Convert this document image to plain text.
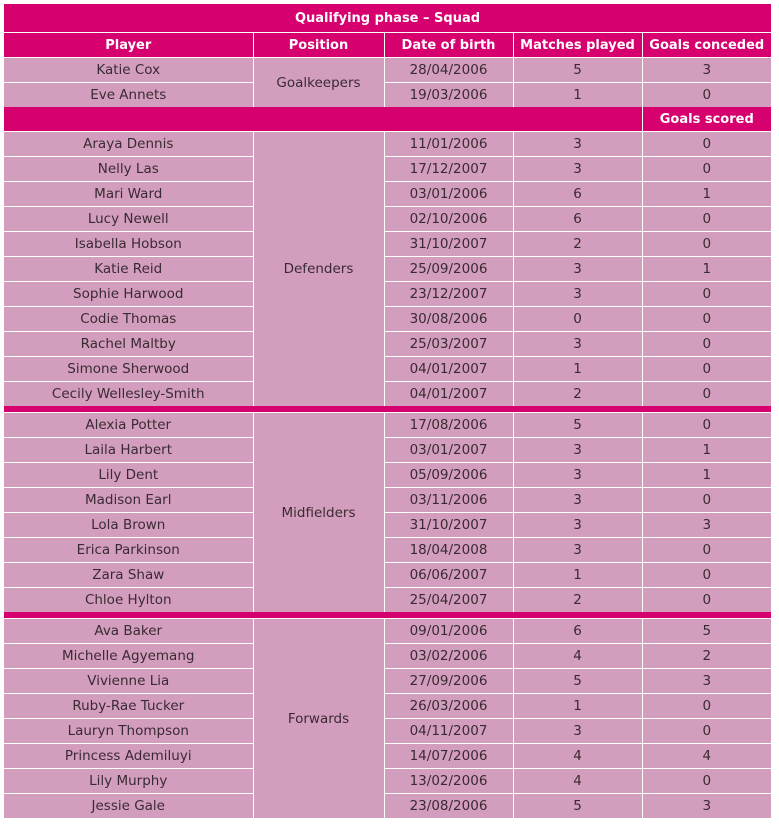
Qualifying phase – Squad				
Player	Position	Date of birth	Matches played	Goals conceded
Katie Cox	Goalkeepers	28/04/2006	5	3
Eve Annets		19/03/2006	1	0
				Goals scored
Araya Dennis	Defenders	11/01/2006	3	0
Nelly Las		17/12/2007	3	0
Mari Ward		03/01/2006	6	1
Lucy Newell		02/10/2006	6	0
Isabella Hobson		31/10/2007	2	0
Katie Reid		25/09/2006	3	1
Sophie Harwood		23/12/2007	3	0
Codie Thomas		30/08/2006	0	0
Rachel Maltby		25/03/2007	3	0
Simone Sherwood		04/01/2007	1	0
Cecily Wellesley-Smith		04/01/2007	2	0

Alexia Potter	Midfielders	17/08/2006	5	0
Laila Harbert		03/01/2007	3	1
Lily Dent		05/09/2006	3	1
Madison Earl		03/11/2006	3	0
Lola Brown		31/10/2007	3	3
Erica Parkinson		18/04/2008	3	0
Zara Shaw		06/06/2007	1	0
Chloe Hylton		25/04/2007	2	0

Ava Baker	Forwards	09/01/2006	6	5
Michelle Agyemang		03/02/2006	4	2
Vivienne Lia		27/09/2006	5	3
Ruby-Rae Tucker		26/03/2006	1	0
Lauryn Thompson		04/11/2007	3	0
Princess Ademiluyi		14/07/2006	4	4
Lily Murphy		13/02/2006	4	0
Jessie Gale		23/08/2006	5	3
